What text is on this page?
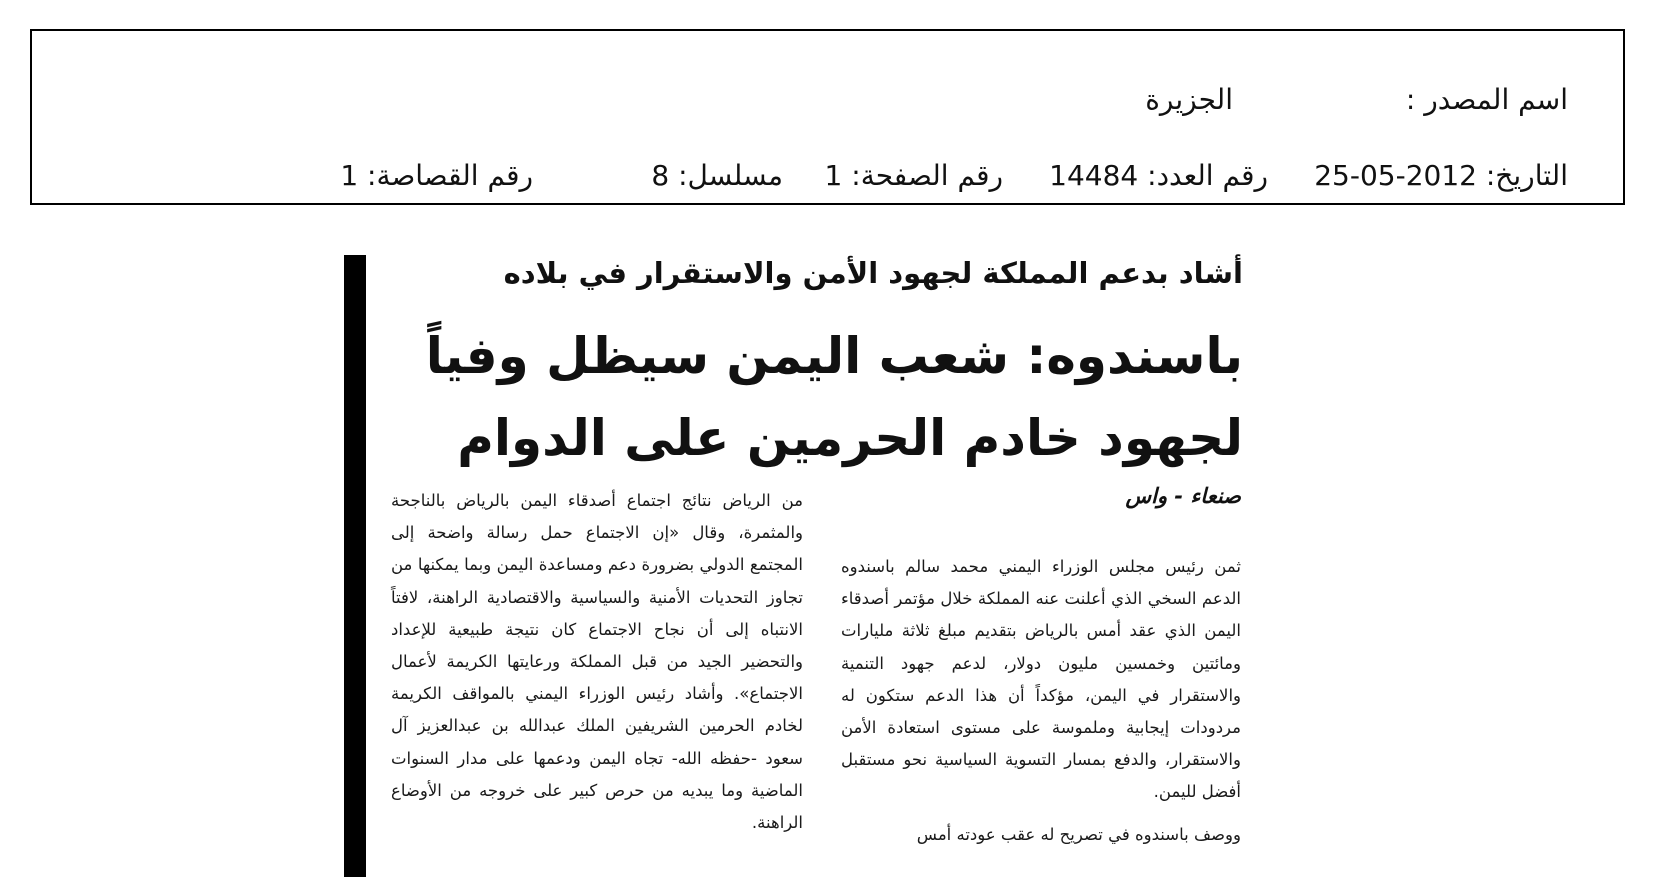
اسم المصدر :
الجزيرة
التاريخ: 2012-05-25
رقم العدد: 14484
رقم الصفحة: 1
مسلسل: 8
رقم القصاصة: 1
أشاد بدعم المملكة لجهود الأمن والاستقرار في بلاده
باسندوه: شعب اليمن سيظل وفياً لجهود خادم الحرمين على الدوام
صنعاء - واس

ثمن رئيس مجلس الوزراء اليمني محمد سالم باسندوه الدعم السخي الذي أعلنت عنه المملكة خلال مؤتمر أصدقاء اليمن الذي عقد أمس بالرياض بتقديم مبلغ ثلاثة مليارات ومائتين وخمسين مليون دولار، لدعم جهود التنمية والاستقرار في اليمن، مؤكداً أن هذا الدعم ستكون له مردودات إيجابية وملموسة على مستوى استعادة الأمن والاستقرار، والدفع بمسار التسوية السياسية نحو مستقبل أفضل لليمن.

ووصف باسندوه في تصريح له عقب عودته أمس

من الرياض نتائج اجتماع أصدقاء اليمن بالرياض بالناجحة والمثمرة، وقال «إن الاجتماع حمل رسالة واضحة إلى المجتمع الدولي بضرورة دعم ومساعدة اليمن وبما يمكنها من تجاوز التحديات الأمنية والسياسية والاقتصادية الراهنة، لافتاً الانتباه إلى أن نجاح الاجتماع كان نتيجة طبيعية للإعداد والتحضير الجيد من قبل المملكة ورعايتها الكريمة لأعمال الاجتماع». وأشاد رئيس الوزراء اليمني بالمواقف الكريمة لخادم الحرمين الشريفين الملك عبدالله بن عبدالعزيز آل سعود -حفظه الله- تجاه اليمن ودعمها على مدار السنوات الماضية وما يبديه من حرص كبير على خروجه من الأوضاع الراهنة.
